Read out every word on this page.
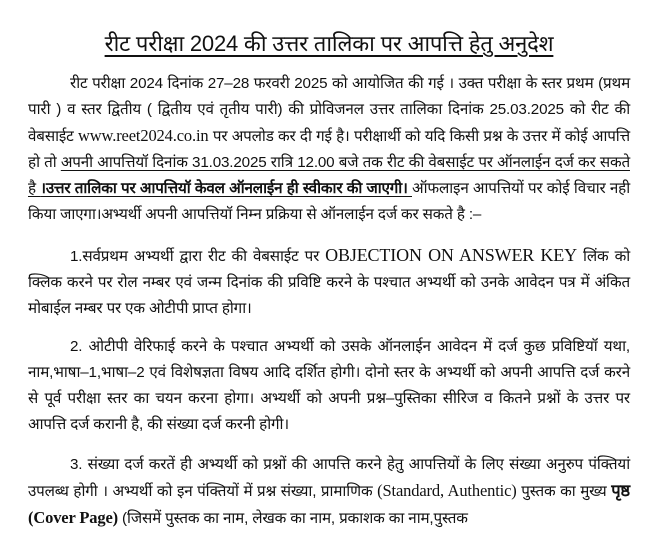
रीट परीक्षा 2024 की उत्तर तालिका पर आपत्ति हेतु अनुदेश

रीट परीक्षा 2024 दिनांक 27–28 फरवरी 2025 को आयोजित की गई । उक्त परीक्षा के स्तर प्रथम (प्रथम पारी ) व स्तर द्वितीय ( द्वितीय एवं तृतीय पारी) की प्रोविजनल उत्तर तालिका दिनांक 25.03.2025 को रीट की वेबसाईट www.reet2024.co.in पर अपलोड कर दी गई है। परीक्षार्थी को यदि किसी प्रश्न के उत्तर में कोई आपत्ति हो तो अपनी आपत्तियॉ दिनांक 31.03.2025 रात्रि 12.00 बजे तक रीट की वेबसाईट पर ऑनलाईन दर्ज कर सकते है ।उत्तर तालिका पर आपत्तियॉ केवल ऑनलाईन ही स्वीकार की जाएगी। ऑफलाइन आपत्तियों पर कोई विचार नही किया जाएगा।अभ्यर्थी अपनी आपत्तियॉ निम्न प्रक्रिया से ऑनलाईन दर्ज कर सकते है :–

1.सर्वप्रथम अभ्यर्थी द्वारा रीट की वेबसाईट पर OBJECTION ON ANSWER KEY लिंक को क्लिक करने पर रोल नम्बर एवं जन्म दिनांक की प्रविष्टि करने के पश्चात अभ्यर्थी को उनके आवेदन पत्र में अंकित मोबाईल नम्बर पर एक ओटीपी प्राप्त होगा।

2. ओटीपी वेरिफाई करने के पश्चात अभ्यर्थी को उसके ऑनलाईन आवेदन में दर्ज कुछ प्रविष्टियॉ यथा, नाम,भाषा–1,भाषा–2 एवं विशेषज्ञता विषय आदि दर्शित होगी। दोनो स्तर के अभ्यर्थी को अपनी आपत्ति दर्ज करने से पूर्व परीक्षा स्तर का चयन करना होगा। अभ्यर्थी को अपनी प्रश्न–पुस्तिका सीरिज व कितने प्रश्नों के उत्तर पर आपत्ति दर्ज करानी है, की संख्या दर्ज करनी होगी।

3. संख्या दर्ज करतें ही अभ्यर्थी को प्रश्नों की आपत्ति करने हेतु आपत्तियों के लिए संख्या अनुरुप पंक्तियां उपलब्ध होगी । अभ्यर्थी को इन पंक्तियों में प्रश्न संख्या, प्रामाणिक (Standard, Authentic) पुस्तक का मुख्य पृष्ठ (Cover Page) (जिसमें पुस्तक का नाम, लेखक का नाम, प्रकाशक का नाम,पुस्तक
